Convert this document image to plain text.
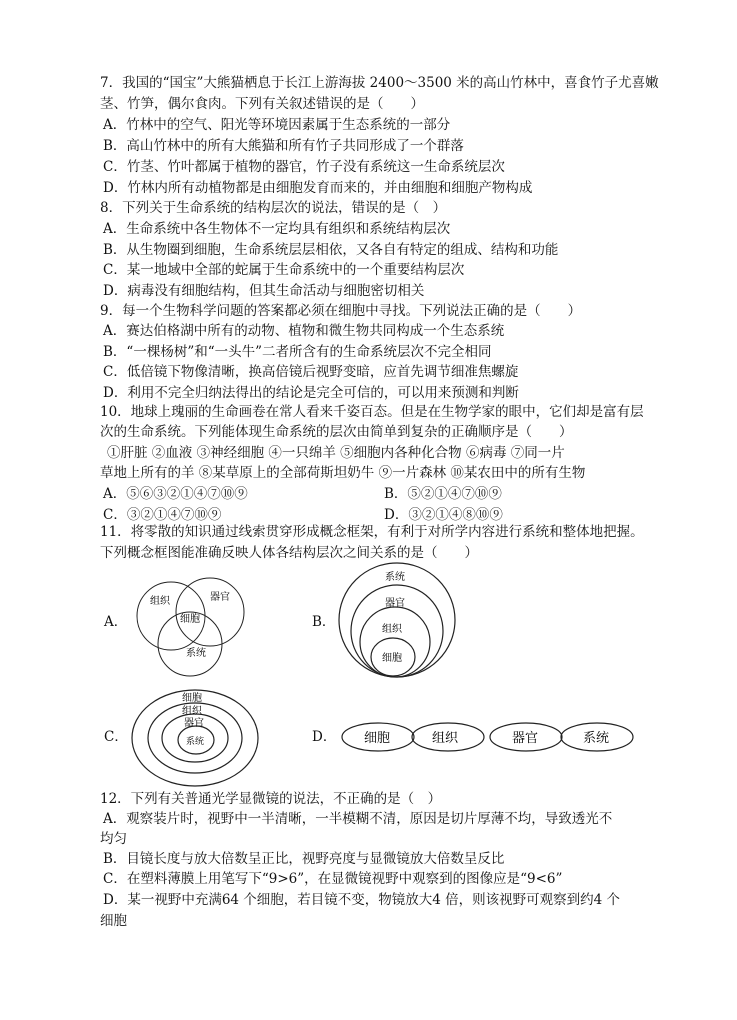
7．我国的“国宝”大熊猫栖息于长江上游海拔 2400～3500 米的高山竹林中，喜食竹子尤喜嫩
茎、竹笋，偶尔食肉。下列有关叙述错误的是（　　）
A．竹林中的空气、阳光等环境因素属于生态系统的一部分
B．高山竹林中的所有大熊猫和所有竹子共同形成了一个群落
C．竹茎、竹叶都属于植物的器官，竹子没有系统这一生命系统层次
D．竹林内所有动植物都是由细胞发育而来的，并由细胞和细胞产物构成
8．下列关于生命系统的结构层次的说法，错误的是（　）
A．生命系统中各生物体不一定均具有组织和系统结构层次
B．从生物圈到细胞，生命系统层层相依，又各自有特定的组成、结构和功能
C．某一地域中全部的蛇属于生命系统中的一个重要结构层次
D．病毒没有细胞结构，但其生命活动与细胞密切相关
9．每一个生物科学问题的答案都必须在细胞中寻找。下列说法正确的是（　　）
A．赛达伯格湖中所有的动物、植物和微生物共同构成一个生态系统
B．“一棵杨树”和“一头牛”二者所含有的生命系统层次不完全相同
C．低倍镜下物像清晰，换高倍镜后视野变暗，应首先调节细准焦螺旋
D．利用不完全归纳法得出的结论是完全可信的，可以用来预测和判断
10．地球上瑰丽的生命画卷在常人看来千姿百态。但是在生物学家的眼中，它们却是富有层
次的生命系统。下列能体现生命系统的层次由简单到复杂的正确顺序是（　　）
①肝脏 ②血液 ③神经细胞 ④一只绵羊 ⑤细胞内各种化合物 ⑥病毒 ⑦同一片
草地上所有的羊 ⑧某草原上的全部荷斯坦奶牛 ⑨一片森林 ⑩某农田中的所有生物
A．⑤⑥③②①④⑦⑩⑨	B．⑤②①④⑦⑩⑨
C．③②①④⑦⑩⑨	D．③②①④⑧⑩⑨
11．将零散的知识通过线索贯穿形成概念框架，有利于对所学内容进行系统和整体地把握。
下列概念框图能准确反映人体各结构层次之间关系的是（　　）
A．
组织	器官
细胞
系统
B．
系统
器官
组织
细胞
C．
细胞
组织
器官
系统	D． 细胞	组织	器官	系统
12．下列有关普通光学显微镜的说法，不正确的是（　）
A．观察装片时，视野中一半清晰，一半模糊不清，原因是切片厚薄不均，导致透光不
均匀
B．目镜长度与放大倍数呈正比，视野亮度与显微镜放大倍数呈反比
C．在塑料薄膜上用笔写下“9>6”，在显微镜视野中观察到的图像应是“9<6”
D．某一视野中充满64 个细胞，若目镜不变，物镜放大4 倍，则该视野可观察到约4 个
细胞
